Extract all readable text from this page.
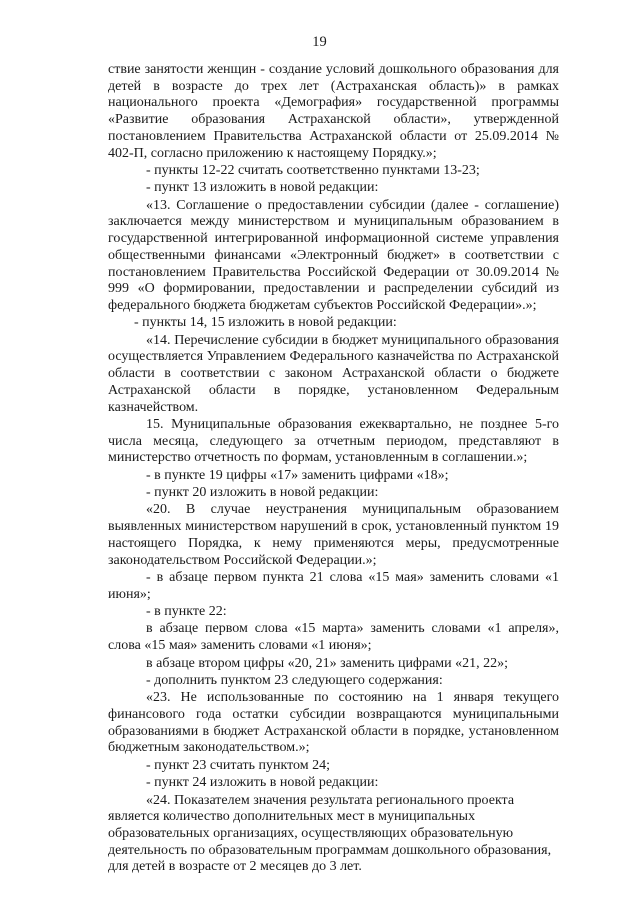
19

ствие занятости женщин - создание условий дошкольного образования для детей в возрасте до трех лет (Астраханская область)» в рамках национального проекта «Демография» государственной программы «Развитие образования Астраханской области», утвержденной постановлением Правительства Астраханской области от 25.09.2014 № 402-П, согласно приложению к настоящему Порядку.»;

- пункты 12-22 считать соответственно пунктами 13-23;

- пункт 13 изложить в новой редакции:

«13. Соглашение о предоставлении субсидии (далее - соглашение) заключается между министерством и муниципальным образованием в государственной интегрированной информационной системе управления общественными финансами «Электронный бюджет» в соответствии с постановлением Правительства Российской Федерации от 30.09.2014 № 999 «О формировании, предоставлении и распределении субсидий из федерального бюджета бюджетам субъектов Российской Федерации».»;

- пункты 14, 15 изложить в новой редакции:

«14. Перечисление субсидии в бюджет муниципального образования осуществляется Управлением Федерального казначейства по Астраханской области в соответствии с законом Астраханской области о бюджете Астраханской области в порядке, установленном Федеральным казначейством.

15. Муниципальные образования ежеквартально, не позднее 5-го числа месяца, следующего за отчетным периодом, представляют в министерство отчетность по формам, установленным в соглашении.»;

- в пункте 19 цифры «17» заменить цифрами «18»;

- пункт 20 изложить в новой редакции:

«20. В случае неустранения муниципальным образованием выявленных министерством нарушений в срок, установленный пунктом 19 настоящего Порядка, к нему применяются меры, предусмотренные законодательством Российской Федерации.»;

- в абзаце первом пункта 21 слова «15 мая» заменить словами «1 июня»;

- в пункте 22:

в абзаце первом слова «15 марта» заменить словами «1 апреля», слова «15 мая» заменить словами «1 июня»;

в абзаце втором цифры «20, 21» заменить цифрами «21, 22»;

- дополнить пунктом 23 следующего содержания:

«23. Не использованные по состоянию на 1 января текущего финансового года остатки субсидии возвращаются муниципальными образованиями в бюджет Астраханской области в порядке, установленном бюджетным законодательством.»;

- пункт 23 считать пунктом 24;

- пункт 24 изложить в новой редакции:

«24. Показателем значения результата регионального проекта является количество дополнительных мест в муниципальных образовательных организациях, осуществляющих образовательную деятельность по образовательным программам дошкольного образования, для детей в возрасте от 2 месяцев до 3 лет.
